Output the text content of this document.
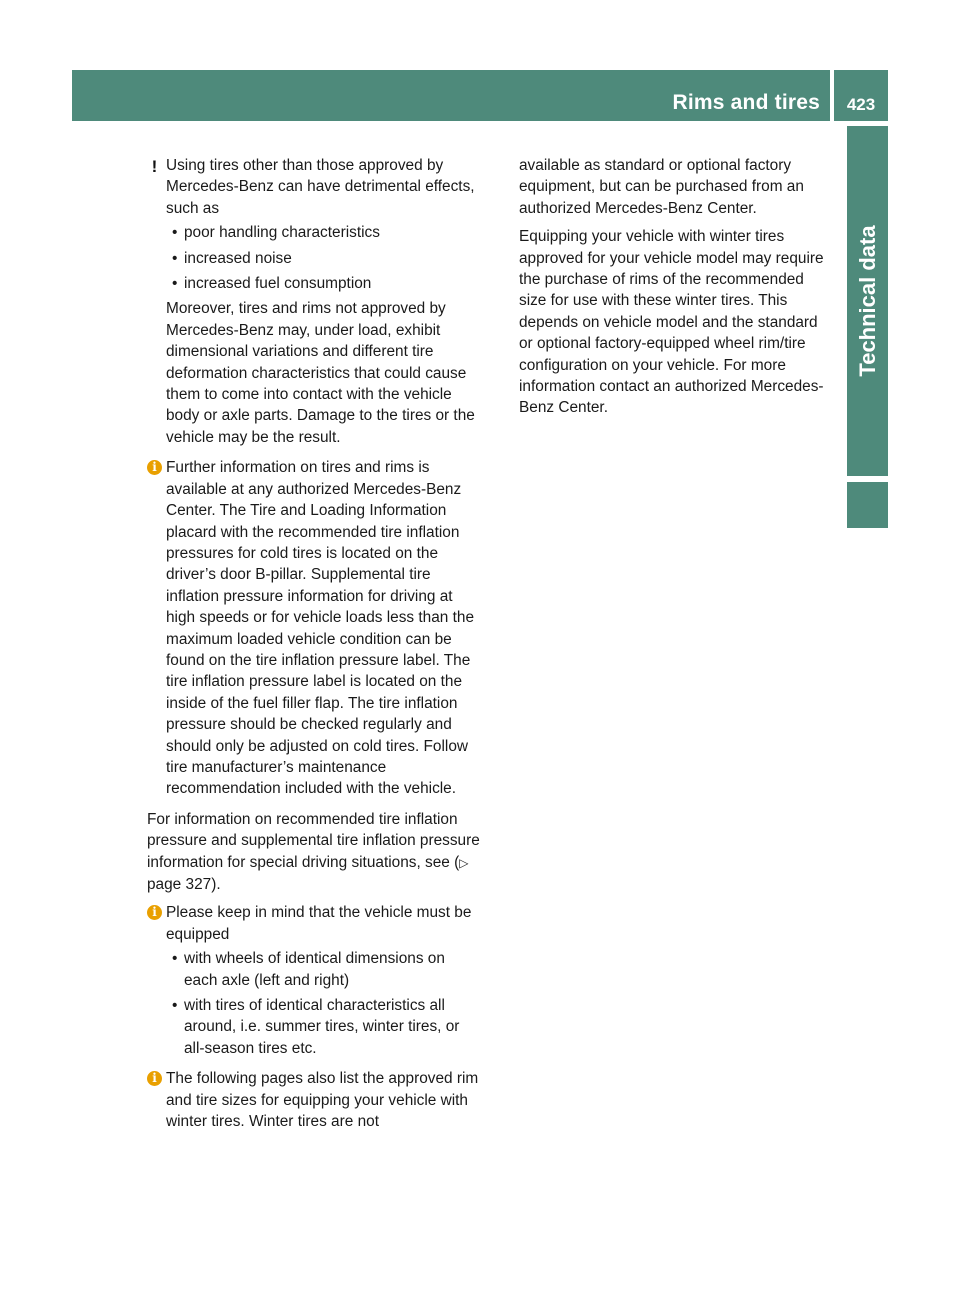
Rims and tires	423
Technical data
! Using tires other than those approved by Mercedes-Benz can have detrimental effects, such as

• poor handling characteristics
• increased noise
• increased fuel consumption

Moreover, tires and rims not approved by Mercedes-Benz may, under load, exhibit dimensional variations and different tire deformation characteristics that could cause them to come into contact with the vehicle body or axle parts. Damage to the tires or the vehicle may be the result.

i Further information on tires and rims is available at any authorized Mercedes-Benz Center. The Tire and Loading Information placard with the recommended tire inflation pressures for cold tires is located on the driver’s door B-pillar. Supplemental tire inflation pressure information for driving at high speeds or for vehicle loads less than the maximum loaded vehicle condition can be found on the tire inflation pressure label. The tire inflation pressure label is located on the inside of the fuel filler flap. The tire inflation pressure should be checked regularly and should only be adjusted on cold tires. Follow tire manufacturer’s maintenance recommendation included with the vehicle.

For information on recommended tire inflation pressure and supplemental tire inflation pressure information for special driving situations, see (▷ page 327).

i Please keep in mind that the vehicle must be equipped

• with wheels of identical dimensions on each axle (left and right)
• with tires of identical characteristics all around, i.e. summer tires, winter tires, or all-season tires etc.
i The following pages also list the approved rim and tire sizes for equipping your vehicle with winter tires. Winter tires are not

available as standard or optional factory equipment, but can be purchased from an authorized Mercedes-Benz Center.

Equipping your vehicle with winter tires approved for your vehicle model may require the purchase of rims of the recommended size for use with these winter tires. This depends on vehicle model and the standard or optional factory-equipped wheel rim/tire configuration on your vehicle. For more information contact an authorized Mercedes-Benz Center.
